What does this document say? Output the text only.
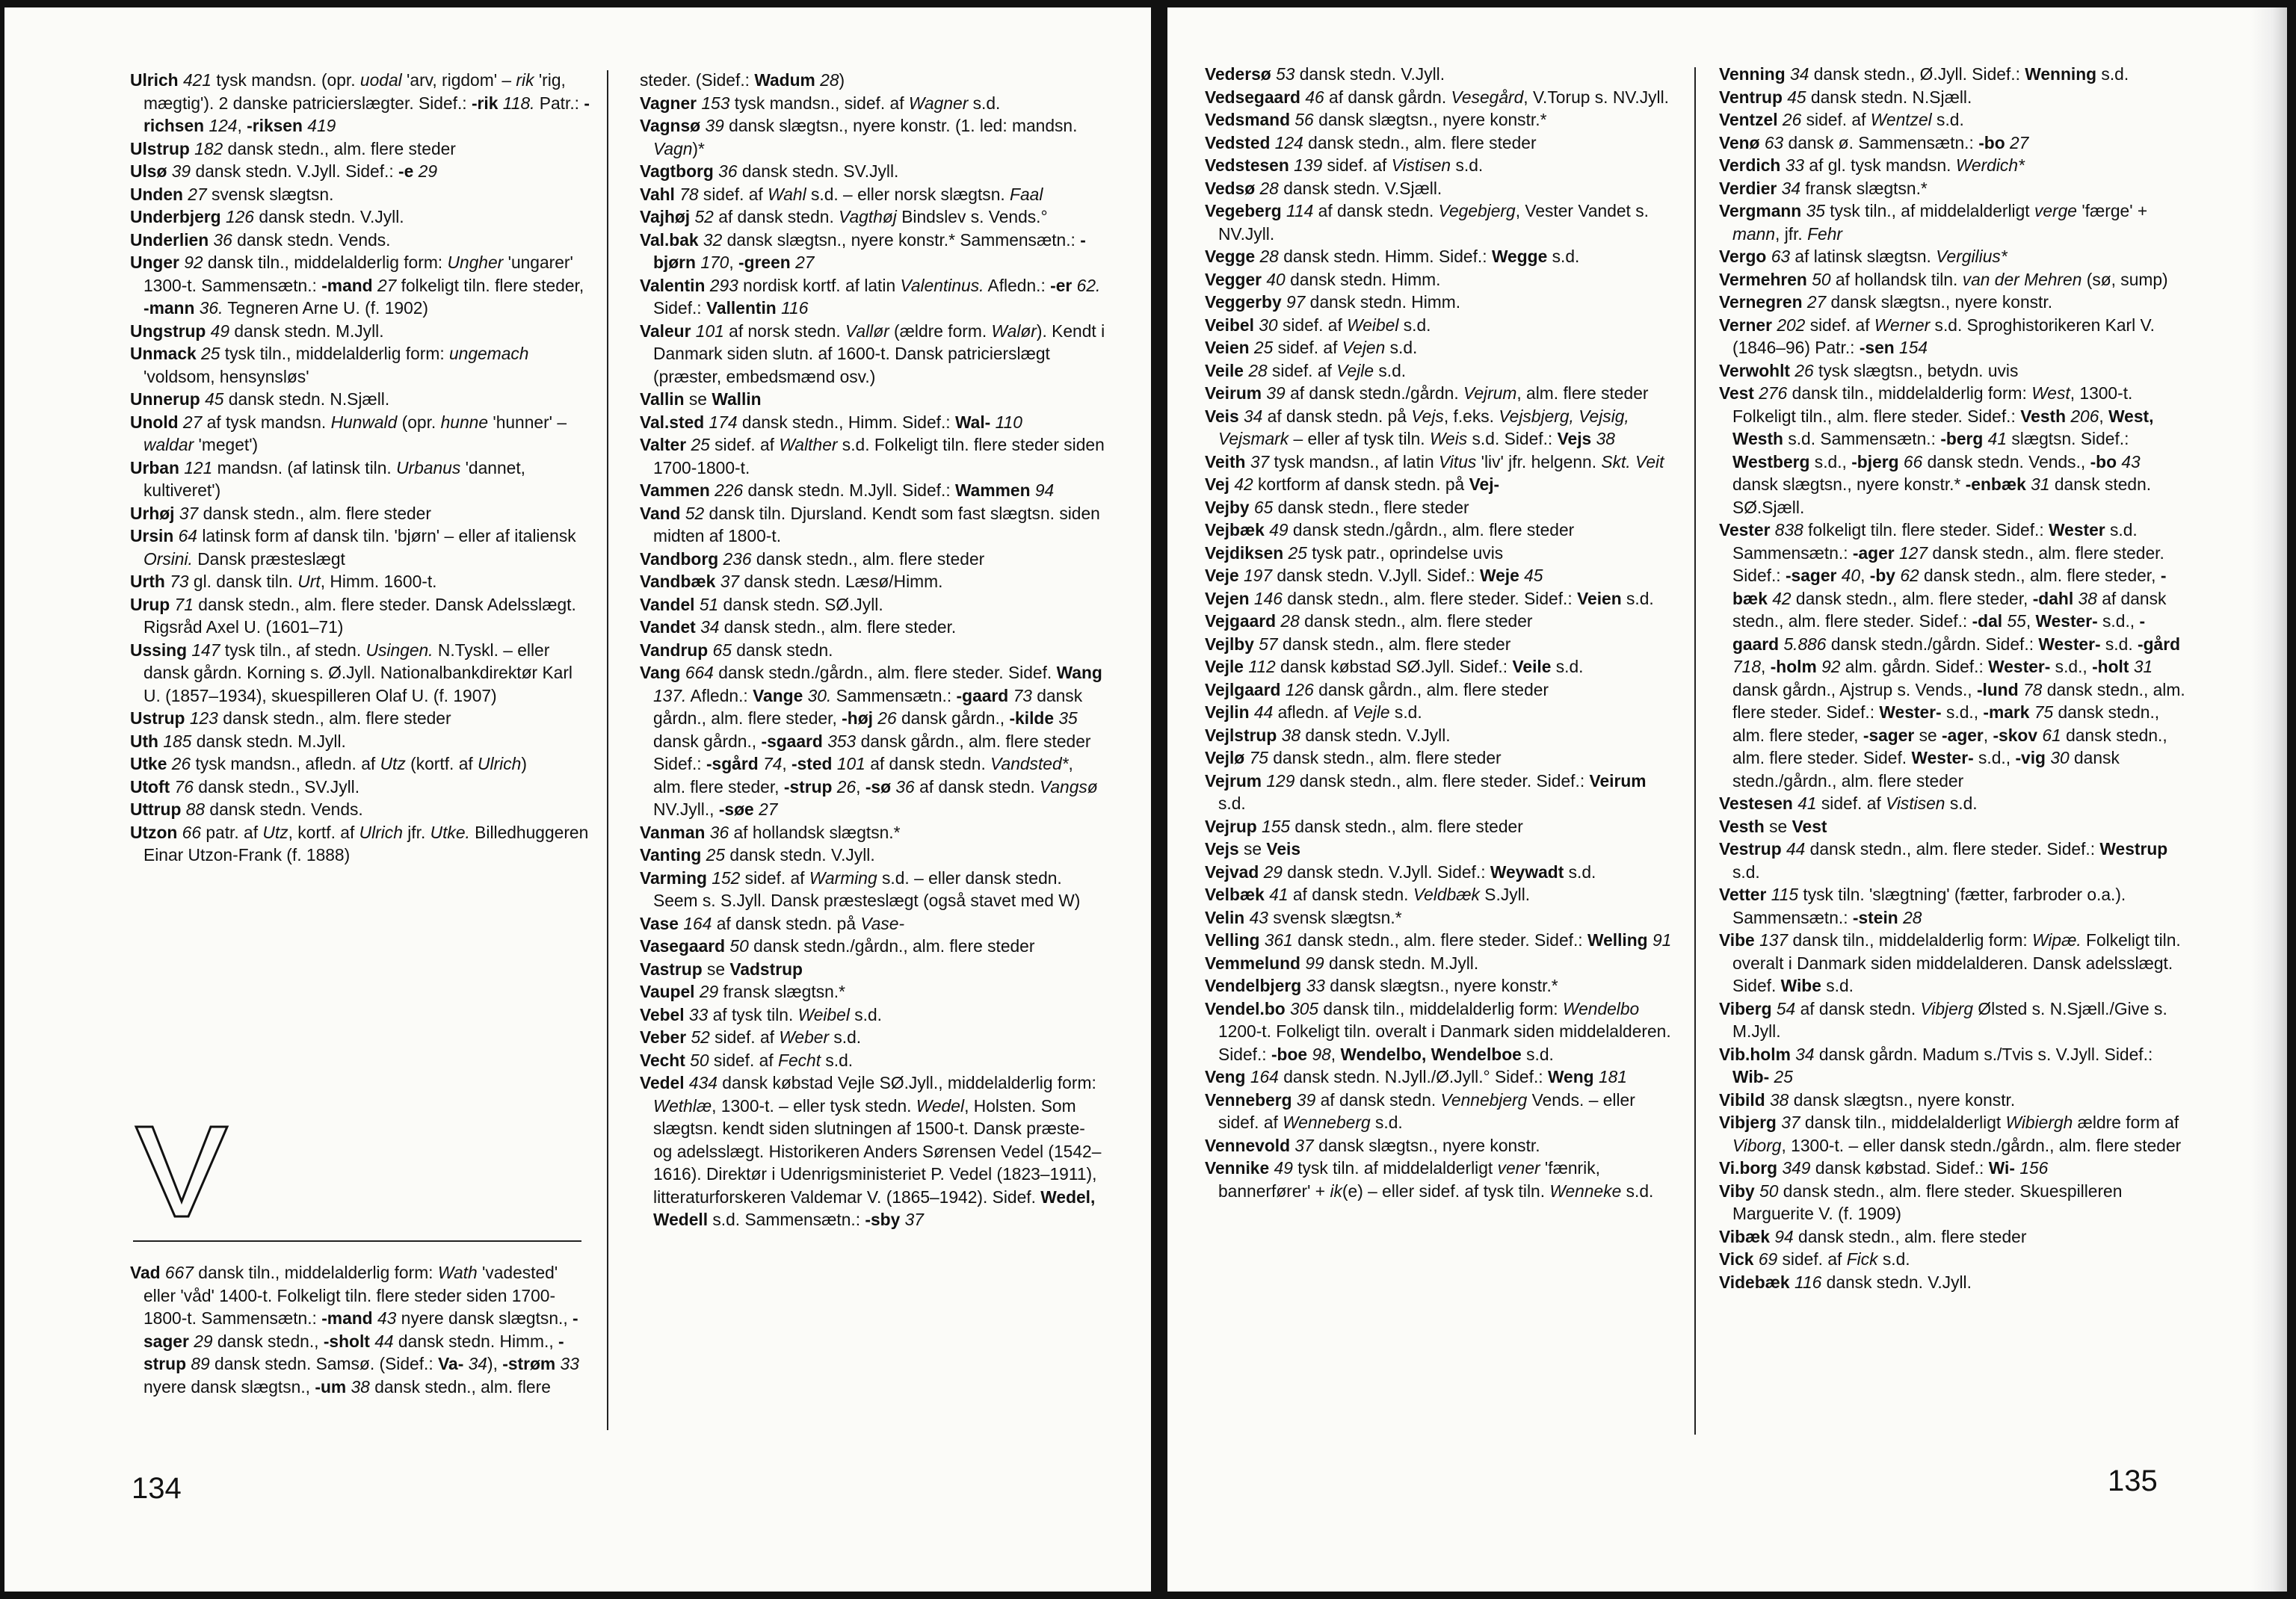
Ulrich 421 tysk mandsn. (opr. uodal 'arv, rigdom' – rik 'rig, mægtig'). 2 danske patricierslægter. Sidef.: -rik 118. Patr.: -richsen 124, -riksen 419

Ulstrup 182 dansk stedn., alm. flere steder

Ulsø 39 dansk stedn. V.Jyll. Sidef.: -e 29

Unden 27 svensk slægtsn.

Underbjerg 126 dansk stedn. V.Jyll.

Underlien 36 dansk stedn. Vends.

Unger 92 dansk tiln., middelalderlig form: Ungher 'ungarer' 1300-t. Sammensætn.: -mand 27 folkeligt tiln. flere steder, -mann 36. Tegneren Arne U. (f. 1902)

Ungstrup 49 dansk stedn. M.Jyll.

Unmack 25 tysk tiln., middelalderlig form: ungemach 'voldsom, hensynsløs'

Unnerup 45 dansk stedn. N.Sjæll.

Unold 27 af tysk mandsn. Hunwald (opr. hunne 'hunner' – waldar 'meget')

Urban 121 mandsn. (af latinsk tiln. Urbanus 'dannet, kultiveret')

Urhøj 37 dansk stedn., alm. flere steder

Ursin 64 latinsk form af dansk tiln. 'bjørn' – eller af italiensk Orsini. Dansk præsteslægt

Urth 73 gl. dansk tiln. Urt, Himm. 1600-t.

Urup 71 dansk stedn., alm. flere steder. Dansk Adelsslægt. Rigsråd Axel U. (1601–71)

Ussing 147 tysk tiln., af stedn. Usingen. N.Tyskl. – eller dansk gårdn. Korning s. Ø.Jyll. Nationalbankdirektør Karl U. (1857–1934), skuespilleren Olaf U. (f. 1907)

Ustrup 123 dansk stedn., alm. flere steder

Uth 185 dansk stedn. M.Jyll.

Utke 26 tysk mandsn., afledn. af Utz (kortf. af Ulrich)

Utoft 76 dansk stedn., SV.Jyll.

Uttrup 88 dansk stedn. Vends.

Utzon 66 patr. af Utz, kortf. af Ulrich jfr. Utke. Billedhuggeren Einar Utzon-Frank (f. 1888)

steder. (Sidef.: Wadum 28)

Vagner 153 tysk mandsn., sidef. af Wagner s.d.

Vagnsø 39 dansk slægtsn., nyere konstr. (1. led: mandsn. Vagn)*

Vagtborg 36 dansk stedn. SV.Jyll.

Vahl 78 sidef. af Wahl s.d. – eller norsk slægtsn. Faal

Vajhøj 52 af dansk stedn. Vagthøj Bindslev s. Vends.°

Val.bak 32 dansk slægtsn., nyere konstr.* Sammensætn.: -bjørn 170, -green 27

Valentin 293 nordisk kortf. af latin Valentinus. Afledn.: -er 62. Sidef.: Vallentin 116

Valeur 101 af norsk stedn. Vallør (ældre form. Walør). Kendt i Danmark siden slutn. af 1600-t. Dansk patricierslægt (præster, embedsmænd osv.)

Vallin se Wallin

Val.sted 174 dansk stedn., Himm. Sidef.: Wal- 110

Valter 25 sidef. af Walther s.d. Folkeligt tiln. flere steder siden 1700-1800-t.

Vammen 226 dansk stedn. M.Jyll. Sidef.: Wammen 94

Vand 52 dansk tiln. Djursland. Kendt som fast slægtsn. siden midten af 1800-t.

Vandborg 236 dansk stedn., alm. flere steder

Vandbæk 37 dansk stedn. Læsø/Himm.

Vandel 51 dansk stedn. SØ.Jyll.

Vandet 34 dansk stedn., alm. flere steder.

Vandrup 65 dansk stedn.

Vang 664 dansk stedn./gårdn., alm. flere steder. Sidef. Wang 137. Afledn.: Vange 30. Sammensætn.: -gaard 73 dansk gårdn., alm. flere steder, -høj 26 dansk gårdn., -kilde 35 dansk gårdn., -sgaard 353 dansk gårdn., alm. flere steder Sidef.: -sgård 74, -sted 101 af dansk stedn. Vandsted*, alm. flere steder, -strup 26, -sø 36 af dansk stedn. Vangsø NV.Jyll., -søe 27

Vanman 36 af hollandsk slægtsn.*

Vanting 25 dansk stedn. V.Jyll.

Varming 152 sidef. af Warming s.d. – eller dansk stedn. Seem s. S.Jyll. Dansk præsteslægt (også stavet med W)

Vase 164 af dansk stedn. på Vase-

Vasegaard 50 dansk stedn./gårdn., alm. flere steder

Vastrup se Vadstrup

Vaupel 29 fransk slægtsn.*

Vebel 33 af tysk tiln. Weibel s.d.

Veber 52 sidef. af Weber s.d.

Vecht 50 sidef. af Fecht s.d.

Vedel 434 dansk købstad Vejle SØ.Jyll., middelalderlig form: Wethlæ, 1300-t. – eller tysk stedn. Wedel, Holsten. Som slægtsn. kendt siden slutningen af 1500-t. Dansk præste- og adelsslægt. Historikeren Anders Sørensen Vedel (1542–1616). Direktør i Udenrigsministeriet P. Vedel (1823–1911), litteraturforskeren Valdemar V. (1865–1942). Sidef. Wedel, Wedell s.d. Sammensætn.: -sby 37

Vad 667 dansk tiln., middelalderlig form: Wath 'vadested' eller 'våd' 1400-t. Folkeligt tiln. flere steder siden 1700-1800-t. Sammensætn.: -mand 43 nyere dansk slægtsn., -sager 29 dansk stedn., -sholt 44 dansk stedn. Himm., -strup 89 dansk stedn. Samsø. (Sidef.: Va- 34), -strøm 33 nyere dansk slægtsn., -um 38 dansk stedn., alm. flere

134

Vedersø 53 dansk stedn. V.Jyll.

Vedsegaard 46 af dansk gårdn. Vesegård, V.Torup s. NV.Jyll.

Vedsmand 56 dansk slægtsn., nyere konstr.*

Vedsted 124 dansk stedn., alm. flere steder

Vedstesen 139 sidef. af Vistisen s.d.

Vedsø 28 dansk stedn. V.Sjæll.

Vegeberg 114 af dansk stedn. Vegebjerg, Vester Vandet s. NV.Jyll.

Vegge 28 dansk stedn. Himm. Sidef.: Wegge s.d.

Vegger 40 dansk stedn. Himm.

Veggerby 97 dansk stedn. Himm.

Veibel 30 sidef. af Weibel s.d.

Veien 25 sidef. af Vejen s.d.

Veile 28 sidef. af Vejle s.d.

Veirum 39 af dansk stedn./gårdn. Vejrum, alm. flere steder

Veis 34 af dansk stedn. på Vejs, f.eks. Vejsbjerg, Vejsig, Vejsmark – eller af tysk tiln. Weis s.d. Sidef.: Vejs 38

Veith 37 tysk mandsn., af latin Vitus 'liv' jfr. helgenn. Skt. Veit

Vej 42 kortform af dansk stedn. på Vej-

Vejby 65 dansk stedn., flere steder

Vejbæk 49 dansk stedn./gårdn., alm. flere steder

Vejdiksen 25 tysk patr., oprindelse uvis

Veje 197 dansk stedn. V.Jyll. Sidef.: Weje 45

Vejen 146 dansk stedn., alm. flere steder. Sidef.: Veien s.d.

Vejgaard 28 dansk stedn., alm. flere steder

Vejlby 57 dansk stedn., alm. flere steder

Vejle 112 dansk købstad SØ.Jyll. Sidef.: Veile s.d.

Vejlgaard 126 dansk gårdn., alm. flere steder

Vejlin 44 afledn. af Vejle s.d.

Vejlstrup 38 dansk stedn. V.Jyll.

Vejlø 75 dansk stedn., alm. flere steder

Vejrum 129 dansk stedn., alm. flere steder. Sidef.: Veirum s.d.

Vejrup 155 dansk stedn., alm. flere steder

Vejs se Veis

Vejvad 29 dansk stedn. V.Jyll. Sidef.: Weywadt s.d.

Velbæk 41 af dansk stedn. Veldbæk S.Jyll.

Velin 43 svensk slægtsn.*

Velling 361 dansk stedn., alm. flere steder. Sidef.: Welling 91

Vemmelund 99 dansk stedn. M.Jyll.

Vendelbjerg 33 dansk slægtsn., nyere konstr.*

Vendel.bo 305 dansk tiln., middelalderlig form: Wendelbo 1200-t. Folkeligt tiln. overalt i Danmark siden middelalderen. Sidef.: -boe 98, Wendelbo, Wendelboe s.d.

Veng 164 dansk stedn. N.Jyll./Ø.Jyll.° Sidef.: Weng 181

Venneberg 39 af dansk stedn. Vennebjerg Vends. – eller sidef. af Wenneberg s.d.

Vennevold 37 dansk slægtsn., nyere konstr.

Vennike 49 tysk tiln. af middelalderligt vener 'fænrik, bannerfører' + ik(e) – eller sidef. af tysk tiln. Wenneke s.d.

Venning 34 dansk stedn., Ø.Jyll. Sidef.: Wenning s.d.

Ventrup 45 dansk stedn. N.Sjæll.

Ventzel 26 sidef. af Wentzel s.d.

Venø 63 dansk ø. Sammensætn.: -bo 27

Verdich 33 af gl. tysk mandsn. Werdich*

Verdier 34 fransk slægtsn.*

Vergmann 35 tysk tiln., af middelalderligt verge 'færge' + mann, jfr. Fehr

Vergo 63 af latinsk slægtsn. Vergilius*

Vermehren 50 af hollandsk tiln. van der Mehren (sø, sump)

Vernegren 27 dansk slægtsn., nyere konstr.

Verner 202 sidef. af Werner s.d. Sproghistorikeren Karl V. (1846–96) Patr.: -sen 154

Verwohlt 26 tysk slægtsn., betydn. uvis

Vest 276 dansk tiln., middelalderlig form: West, 1300-t. Folkeligt tiln., alm. flere steder. Sidef.: Vesth 206, West, Westh s.d. Sammensætn.: -berg 41 slægtsn. Sidef.: Westberg s.d., -bjerg 66 dansk stedn. Vends., -bo 43 dansk slægtsn., nyere konstr.* -enbæk 31 dansk stedn. SØ.Sjæll.

Vester 838 folkeligt tiln. flere steder. Sidef.: Wester s.d. Sammensætn.: -ager 127 dansk stedn., alm. flere steder. Sidef.: -sager 40, -by 62 dansk stedn., alm. flere steder, -bæk 42 dansk stedn., alm. flere steder, -dahl 38 af dansk stedn., alm. flere steder. Sidef.: -dal 55, Wester- s.d., -gaard 5.886 dansk stedn./gårdn. Sidef.: Wester- s.d. -gård 718, -holm 92 alm. gårdn. Sidef.: Wester- s.d., -holt 31 dansk gårdn., Ajstrup s. Vends., -lund 78 dansk stedn., alm. flere steder. Sidef.: Wester- s.d., -mark 75 dansk stedn., alm. flere steder, -sager se -ager, -skov 61 dansk stedn., alm. flere steder. Sidef. Wester- s.d., -vig 30 dansk stedn./gårdn., alm. flere steder

Vestesen 41 sidef. af Vistisen s.d.

Vesth se Vest

Vestrup 44 dansk stedn., alm. flere steder. Sidef.: Westrup s.d.

Vetter 115 tysk tiln. 'slægtning' (fætter, farbroder o.a.). Sammensætn.: -stein 28

Vibe 137 dansk tiln., middelalderlig form: Wipæ. Folkeligt tiln. overalt i Danmark siden middelalderen. Dansk adelsslægt. Sidef. Wibe s.d.

Viberg 54 af dansk stedn. Vibjerg Ølsted s. N.Sjæll./Give s. M.Jyll.

Vib.holm 34 dansk gårdn. Madum s./Tvis s. V.Jyll. Sidef.: Wib- 25

Vibild 38 dansk slægtsn., nyere konstr.

Vibjerg 37 dansk tiln., middelalderligt Wibiergh ældre form af Viborg, 1300-t. – eller dansk stedn./gårdn., alm. flere steder

Vi.borg 349 dansk købstad. Sidef.: Wi- 156

Viby 50 dansk stedn., alm. flere steder. Skuespilleren Marguerite V. (f. 1909)

Vibæk 94 dansk stedn., alm. flere steder

Vick 69 sidef. af Fick s.d.

Videbæk 116 dansk stedn. V.Jyll.

135
